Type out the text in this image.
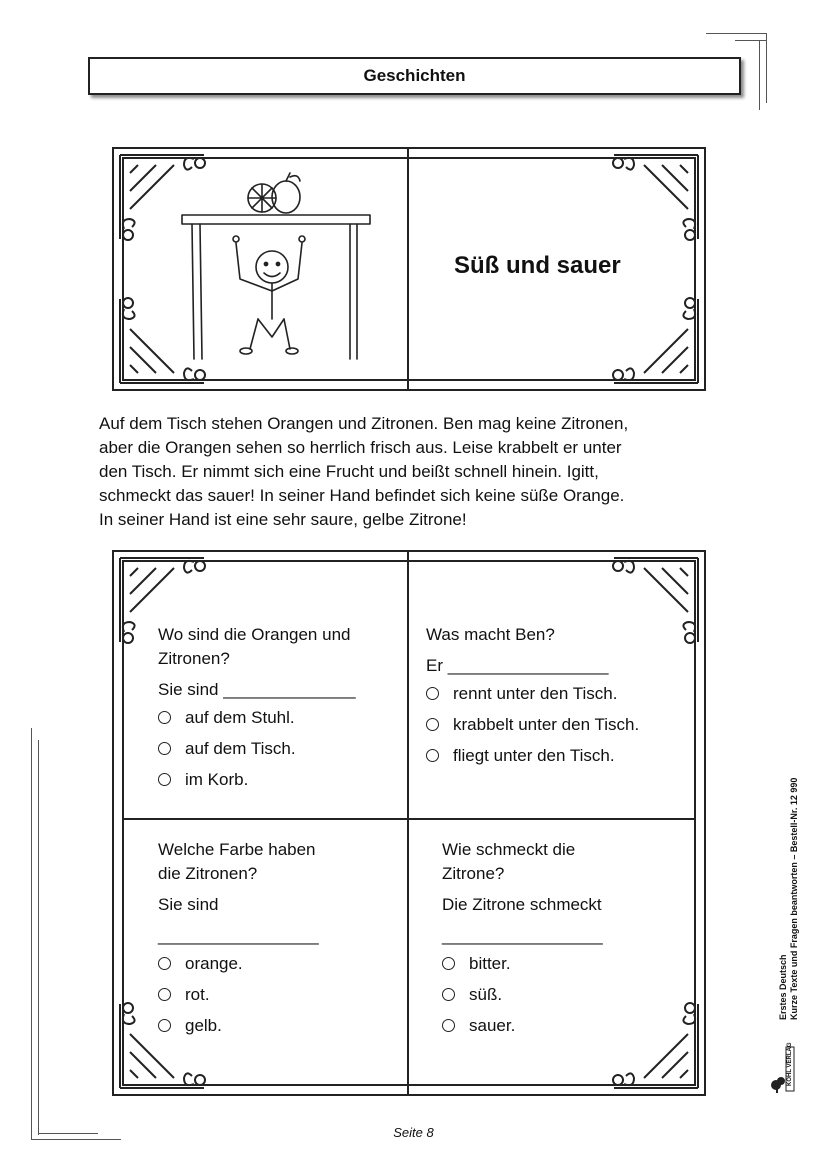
Geschichten
Süß und sauer

Auf dem Tisch stehen Orangen und Zitronen. Ben mag keine Zitronen,

aber die Orangen sehen so herrlich frisch aus. Leise krabbelt er unter

den Tisch. Er nimmt sich eine Frucht und beißt schnell hinein. Igitt,

schmeckt das sauer! In seiner Hand befindet sich keine süße Orange.

In seiner Hand ist eine sehr saure, gelbe Zitrone!

Wo sind die Orangen und
Zitronen?
Sie sind ______________
auf dem Stuhl.
auf dem Tisch.
im Korb.
Was macht Ben?
Er _________________
rennt unter den Tisch.
krabbelt unter den Tisch.
fliegt unter den Tisch.
Welche Farbe haben
die Zitronen?
Sie sind
_________________
orange.
rot.
gelb.
Wie schmeckt die
Zitrone?
Die Zitrone schmeckt
_________________
bitter.
süß.
sauer.
Erstes Deutsch Kurze Texte und Fragen beantworten – Bestell-Nr. 12 990
KOHL VERLAG
Seite 8
